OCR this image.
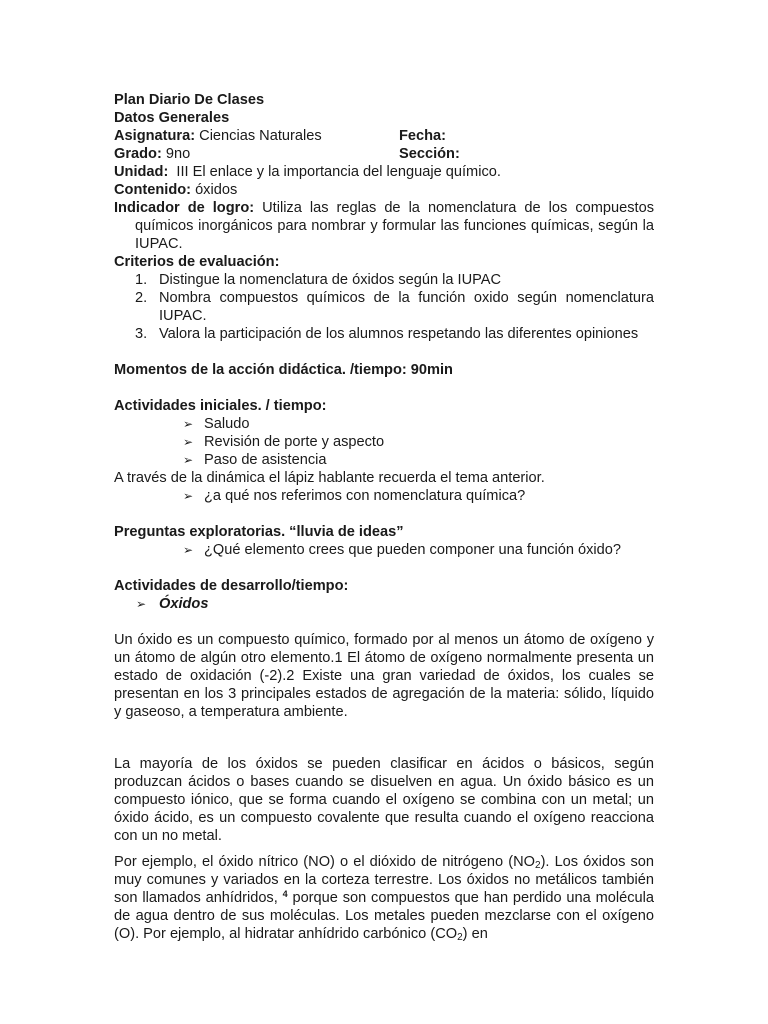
Plan Diario De Clases
Datos Generales
Asignatura: Ciencias Naturales	Fecha:
Grado: 9no	Sección:
Unidad:  III El enlace y la importancia del lenguaje químico.
Contenido: óxidos
Indicador de logro: Utiliza las reglas de la nomenclatura de los compuestos químicos inorgánicos para nombrar y formular las funciones químicas, según la IUPAC.
Criterios de evaluación:
1. Distingue la nomenclatura de óxidos según la IUPAC
2. Nombra compuestos químicos de la función oxido según nomenclatura IUPAC.
3. Valora la participación de los alumnos respetando las diferentes opiniones
Momentos de la acción didáctica. /tiempo: 90min
Actividades iniciales. / tiempo:
➢ Saludo
➢ Revisión de porte y aspecto
➢ Paso de asistencia
A través de la dinámica el lápiz hablante recuerda el tema anterior.
➢ ¿a qué nos referimos con nomenclatura química?
Preguntas exploratorias. “lluvia de ideas”
➢ ¿Qué elemento crees que pueden componer una función óxido?
Actividades de desarrollo/tiempo:
➢ Óxidos

Un óxido es un compuesto químico, formado por al menos un átomo de oxígeno y un átomo de algún otro elemento.1 El átomo de oxígeno normalmente presenta un estado de oxidación (-2).2 Existe una gran variedad de óxidos, los cuales se presentan en los 3 principales estados de agregación de la materia: sólido, líquido y gaseoso, a temperatura ambiente.

La mayoría de los óxidos se pueden clasificar en ácidos o básicos, según produzcan ácidos o bases cuando se disuelven en agua. Un óxido básico es un compuesto iónico, que se forma cuando el oxígeno se combina con un metal; un óxido ácido, es un compuesto covalente que resulta cuando el oxígeno reacciona con un no metal.

Por ejemplo, el óxido nítrico (NO) o el dióxido de nitrógeno $(NO_2)$. Los óxidos son muy comunes y variados en la corteza terrestre. Los óxidos no metálicos también son llamados anhídridos, $^4$ porque son compuestos que han perdido una molécula de agua dentro de sus moléculas. Los metales pueden mezclarse con el oxígeno (O). Por ejemplo, al hidratar anhídrido carbónico $(CO_2)$ en
